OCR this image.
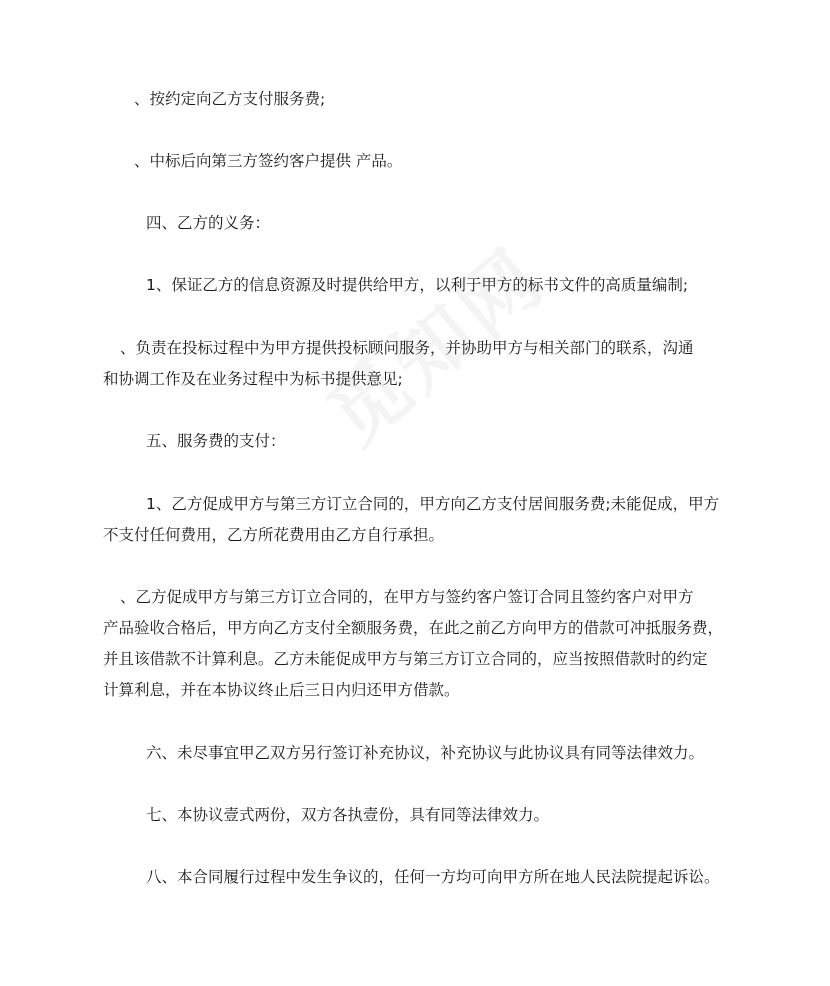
、按约定向乙方支付服务费;
、中标后向第三方签约客户提供 产品。
四、乙方的义务：
1、保证乙方的信息资源及时提供给甲方，以利于甲方的标书文件的高质量编制;
、负责在投标过程中为甲方提供投标顾问服务，并协助甲方与相关部门的联系，沟通
和协调工作及在业务过程中为标书提供意见;
五、服务费的支付：
1、乙方促成甲方与第三方订立合同的，甲方向乙方支付居间服务费;未能促成，甲方
不支付任何费用，乙方所花费用由乙方自行承担。
、乙方促成甲方与第三方订立合同的，在甲方与签约客户签订合同且签约客户对甲方
产品验收合格后，甲方向乙方支付全额服务费，在此之前乙方向甲方的借款可冲抵服务费，
并且该借款不计算利息。乙方未能促成甲方与第三方订立合同的，应当按照借款时的约定
计算利息，并在本协议终止后三日内归还甲方借款。
六、未尽事宜甲乙双方另行签订补充协议，补充协议与此协议具有同等法律效力。
七、本协议壹式两份，双方各执壹份，具有同等法律效力。
八、本合同履行过程中发生争议的，任何一方均可向甲方所在地人民法院提起诉讼。
